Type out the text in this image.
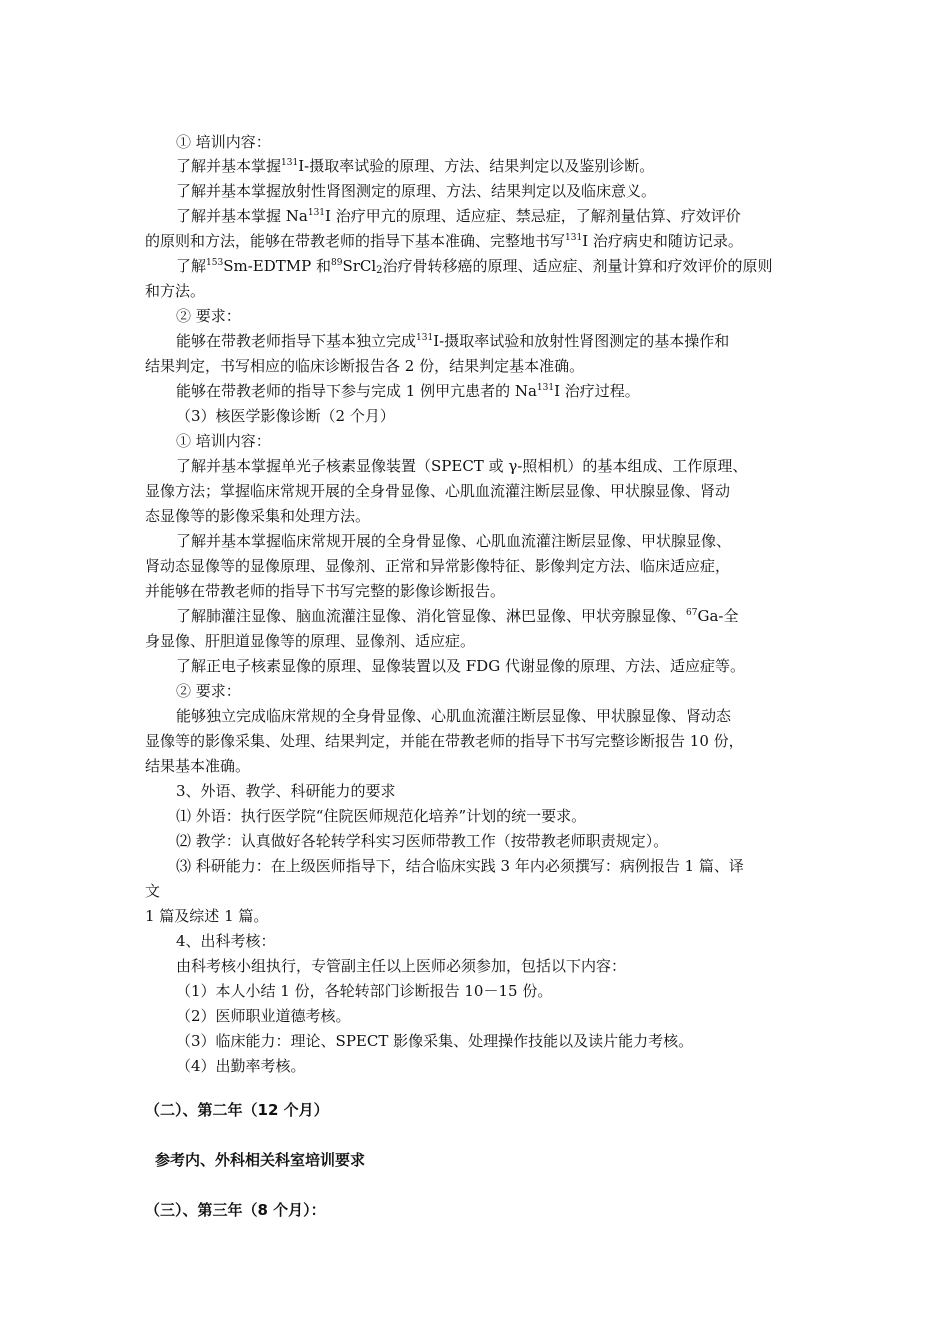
① 培训内容：
了解并基本掌握$^{131}$I-摄取率试验的原理、方法、结果判定以及鉴别诊断。
了解并基本掌握放射性肾图测定的原理、方法、结果判定以及临床意义。
了解并基本掌握 Na$^{131}$I 治疗甲亢的原理、适应症、禁忌症，了解剂量估算、疗效评价
的原则和方法，能够在带教老师的指导下基本准确、完整地书写$^{131}$I 治疗病史和随访记录。
了解$^{153}$Sm-EDTMP 和$^{89}$SrCl$_2$治疗骨转移癌的原理、适应症、剂量计算和疗效评价的原则
和方法。
② 要求：
能够在带教老师指导下基本独立完成$^{131}$I-摄取率试验和放射性肾图测定的基本操作和
结果判定，书写相应的临床诊断报告各 2 份，结果判定基本准确。
能够在带教老师的指导下参与完成 1 例甲亢患者的 Na$^{131}$I 治疗过程。
（3）核医学影像诊断（2 个月）
① 培训内容：
了解并基本掌握单光子核素显像装置（SPECT 或 γ-照相机）的基本组成、工作原理、
显像方法；掌握临床常规开展的全身骨显像、心肌血流灌注断层显像、甲状腺显像、肾动
态显像等的影像采集和处理方法。
了解并基本掌握临床常规开展的全身骨显像、心肌血流灌注断层显像、甲状腺显像、
肾动态显像等的显像原理、显像剂、正常和异常影像特征、影像判定方法、临床适应症，
并能够在带教老师的指导下书写完整的影像诊断报告。
了解肺灌注显像、脑血流灌注显像、消化管显像、淋巴显像、甲状旁腺显像、$^{67}$Ga-全
身显像、肝胆道显像等的原理、显像剂、适应症。
了解正电子核素显像的原理、显像装置以及 FDG 代谢显像的原理、方法、适应症等。
② 要求：
能够独立完成临床常规的全身骨显像、心肌血流灌注断层显像、甲状腺显像、肾动态
显像等的影像采集、处理、结果判定，并能在带教老师的指导下书写完整诊断报告 10 份，
结果基本准确。
3、外语、教学、科研能力的要求
⑴ 外语：执行医学院“住院医师规范化培养”计划的统一要求。
⑵ 教学：认真做好各轮转学科实习医师带教工作（按带教老师职责规定）。
⑶ 科研能力：在上级医师指导下，结合临床实践 3 年内必须撰写：病例报告 1 篇、译
文
1 篇及综述 1 篇。
4、出科考核：
由科考核小组执行，专管副主任以上医师必须参加，包括以下内容：
（1）本人小结 1 份，各轮转部门诊断报告 10－15 份。
（2）医师职业道德考核。
（3）临床能力：理论、SPECT 影像采集、处理操作技能以及读片能力考核。
（4）出勤率考核。
（二）、第二年（12 个月）
参考内、外科相关科室培训要求
（三）、第三年（8 个月）：
